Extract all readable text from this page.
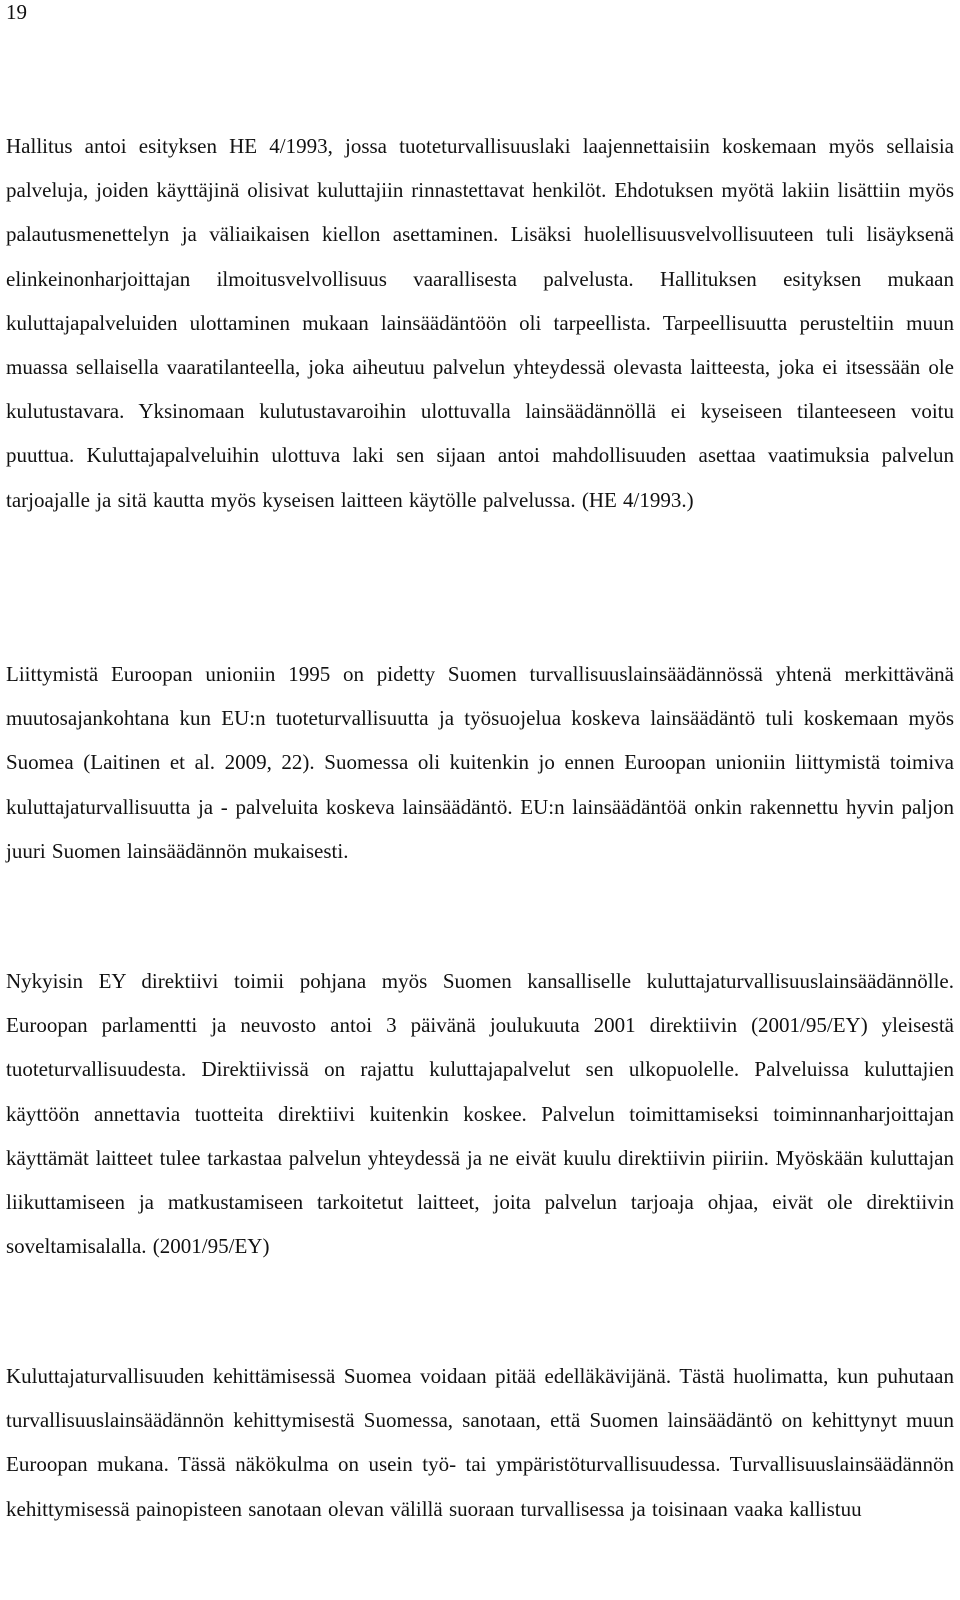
19

Hallitus antoi esityksen HE 4/1993, jossa tuoteturvallisuuslaki laajennettaisiin koskemaan myös sellaisia palveluja, joiden käyttäjinä olisivat kuluttajiin rinnastettavat henkilöt. Ehdotuksen myötä lakiin lisättiin myös palautusmenettelyn ja väliaikaisen kiellon asettaminen. Lisäksi huolellisuusvelvollisuuteen tuli lisäyksenä elinkeinonharjoittajan ilmoitusvelvollisuus vaarallisesta palvelusta. Hallituksen esityksen mukaan kuluttajapalveluiden ulottaminen mukaan lainsäädäntöön oli tarpeellista. Tarpeellisuutta perusteltiin muun muassa sellaisella vaaratilanteella, joka aiheutuu palvelun yhteydessä olevasta laitteesta, joka ei itsessään ole kulutustavara. Yksinomaan kulutustavaroihin ulottuvalla lainsäädännöllä ei kyseiseen tilanteeseen voitu puuttua. Kuluttajapalveluihin ulottuva laki sen sijaan antoi mahdollisuuden asettaa vaatimuksia palvelun tarjoajalle ja sitä kautta myös kyseisen laitteen käytölle palvelussa. (HE 4/1993.)

Liittymistä Euroopan unioniin 1995 on pidetty Suomen turvallisuuslainsäädännössä yhtenä merkittävänä muutosajankohtana kun EU:n tuoteturvallisuutta ja työsuojelua koskeva lainsäädäntö tuli koskemaan myös Suomea (Laitinen et al. 2009, 22). Suomessa oli kuitenkin jo ennen Euroopan unioniin liittymistä toimiva kuluttajaturvallisuutta ja - palveluita koskeva lainsäädäntö. EU:n lainsäädäntöä onkin rakennettu hyvin paljon juuri Suomen lainsäädännön mukaisesti.

Nykyisin EY direktiivi toimii pohjana myös Suomen kansalliselle kuluttajaturvallisuuslainsäädännölle. Euroopan parlamentti ja neuvosto antoi 3 päivänä joulukuuta 2001 direktiivin (2001/95/EY) yleisestä tuoteturvallisuudesta. Direktiivissä on rajattu kuluttajapalvelut sen ulkopuolelle. Palveluissa kuluttajien käyttöön annettavia tuotteita direktiivi kuitenkin koskee. Palvelun toimittamiseksi toiminnanharjoittajan käyttämät laitteet tulee tarkastaa palvelun yhteydessä ja ne eivät kuulu direktiivin piiriin. Myöskään kuluttajan liikuttamiseen ja matkustamiseen tarkoitetut laitteet, joita palvelun tarjoaja ohjaa, eivät ole direktiivin soveltamisalalla. (2001/95/EY)

Kuluttajaturvallisuuden kehittämisessä Suomea voidaan pitää edelläkävijänä. Tästä huolimatta, kun puhutaan turvallisuuslainsäädännön kehittymisestä Suomessa, sanotaan, että Suomen lainsäädäntö on kehittynyt muun Euroopan mukana. Tässä näkökulma on usein työ- tai ympäristöturvallisuudessa. Turvallisuuslainsäädännön kehittymisessä painopisteen sanotaan olevan välillä suoraan turvallisessa ja toisinaan vaaka kallistuu
